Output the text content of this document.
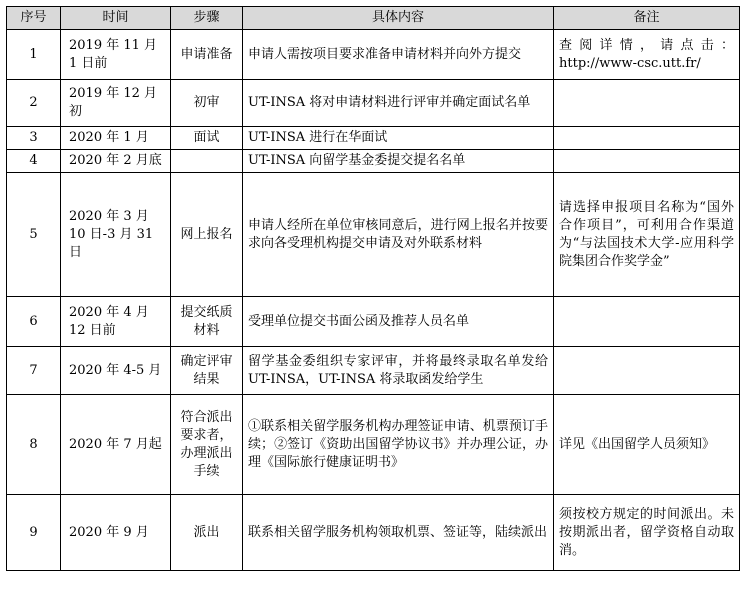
序号	时间	步骤	具体内容	备注
1	2019 年 11 月 1 日前	申请准备	申请人需按项目要求准备申请材料并向外方提交	查阅详情，请点击：http://www-csc.utt.fr/
2	2019 年 12 月初	初审	UT-INSA 将对申请材料进行评审并确定面试名单	
3	2020 年 1 月	面试	UT-INSA 进行在华面试	
4	2020 年 2 月底		UT-INSA 向留学基金委提交提名名单	
5	2020 年 3 月 10 日-3 月 31 日	网上报名	申请人经所在单位审核同意后，进行网上报名并按要求向各受理机构提交申请及对外联系材料	请选择申报项目名称为“国外合作项目”，可利用合作渠道为“与法国技术大学-应用科学院集团合作奖学金”
6	2020 年 4 月 12 日前	提交纸质材料	受理单位提交书面公函及推荐人员名单	
7	2020 年 4-5 月	确定评审结果	留学基金委组织专家评审，并将最终录取名单发给 UT-INSA，UT-INSA 将录取函发给学生	
8	2020 年 7 月起	符合派出要求者，办理派出手续	①联系相关留学服务机构办理签证申请、机票预订手续；②签订《资助出国留学协议书》并办理公证，办理《国际旅行健康证明书》	详见《出国留学人员须知》
9	2020 年 9 月	派出	联系相关留学服务机构领取机票、签证等，陆续派出	须按校方规定的时间派出。未按期派出者，留学资格自动取消。
